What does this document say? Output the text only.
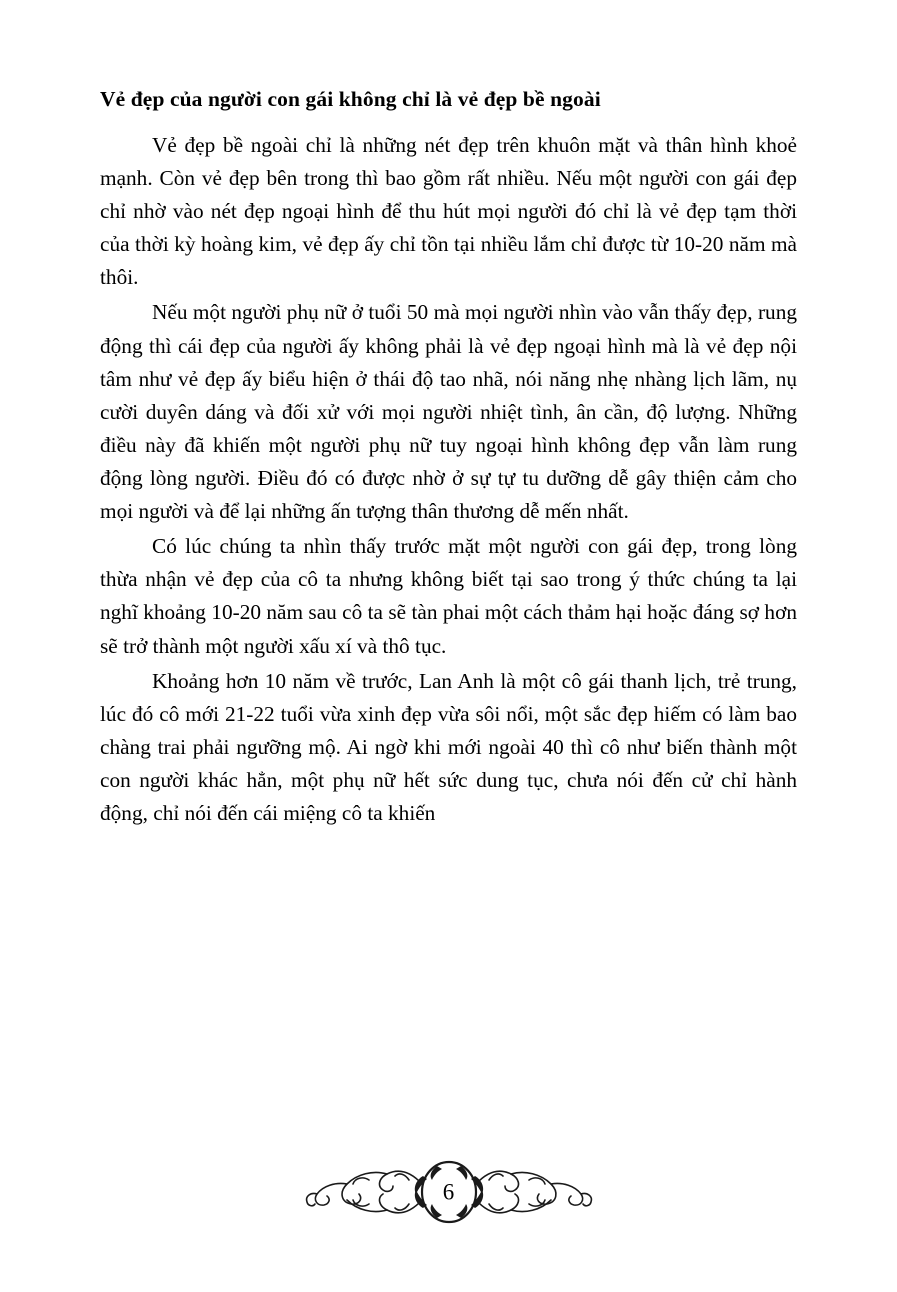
Vẻ đẹp của người con gái không chỉ là vẻ đẹp bề ngoài

Vẻ đẹp bề ngoài chỉ là những nét đẹp trên khuôn mặt và thân hình khoẻ mạnh. Còn vẻ đẹp bên trong thì bao gồm rất nhiều. Nếu một người con gái đẹp chỉ nhờ vào nét đẹp ngoại hình để thu hút mọi người đó chỉ là vẻ đẹp tạm thời của thời kỳ hoàng kim, vẻ đẹp ấy chỉ tồn tại nhiều lắm chỉ được từ 10-20 năm mà thôi.

Nếu một người phụ nữ ở tuổi 50 mà mọi người nhìn vào vẫn thấy đẹp, rung động thì cái đẹp của người ấy không phải là vẻ đẹp ngoại hình mà là vẻ đẹp nội tâm như vẻ đẹp ấy biểu hiện ở thái độ tao nhã, nói năng nhẹ nhàng lịch lãm, nụ cười duyên dáng và đối xử với mọi người nhiệt tình, ân cần, độ lượng. Những điều này đã khiến một người phụ nữ tuy ngoại hình không đẹp vẫn làm rung động lòng người. Điều đó có được nhờ ở sự tự tu dưỡng dễ gây thiện cảm cho mọi người và để lại những ấn tượng thân thương dễ mến nhất.

Có lúc chúng ta nhìn thấy trước mặt một người con gái đẹp, trong lòng thừa nhận vẻ đẹp của cô ta nhưng không biết tại sao trong ý thức chúng ta lại nghĩ khoảng 10-20 năm sau cô ta sẽ tàn phai một cách thảm hại hoặc đáng sợ hơn sẽ trở thành một người xấu xí và thô tục.

Khoảng hơn 10 năm về trước, Lan Anh là một cô gái thanh lịch, trẻ trung, lúc đó cô mới 21-22 tuổi vừa xinh đẹp vừa sôi nổi, một sắc đẹp hiếm có làm bao chàng trai phải ngưỡng mộ. Ai ngờ khi mới ngoài 40 thì cô như biến thành một con người khác hẳn, một phụ nữ hết sức dung tục, chưa nói đến cử chỉ hành động, chỉ nói đến cái miệng cô ta khiến

6
